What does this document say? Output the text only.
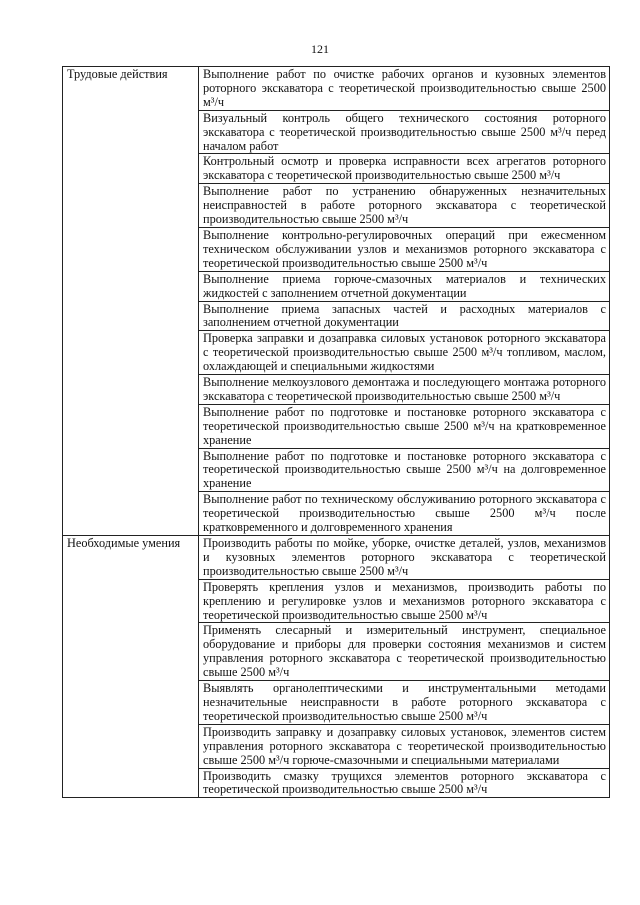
121
Трудовые действия	Выполнение работ по очистке рабочих органов и кузовных элементов роторного экскаватора с теоретической производительностью свыше 2500 м³/ч
	Визуальный контроль общего технического состояния роторного экскаватора с теоретической производительностью свыше 2500 м³/ч перед началом работ
	Контрольный осмотр и проверка исправности всех агрегатов роторного экскаватора с теоретической производительностью свыше 2500 м³/ч
	Выполнение работ по устранению обнаруженных незначительных неисправностей в работе роторного экскаватора с теоретической производительностью свыше 2500 м³/ч
	Выполнение контрольно-регулировочных операций при ежесменном техническом обслуживании узлов и механизмов роторного экскаватора с теоретической производительностью свыше 2500 м³/ч
	Выполнение приема горюче-смазочных материалов и технических жидкостей с заполнением отчетной документации
	Выполнение приема запасных частей и расходных материалов с заполнением отчетной документации
	Проверка заправки и дозаправка силовых установок роторного экскаватора с теоретической производительностью свыше 2500 м³/ч топливом, маслом, охлаждающей и специальными жидкостями
	Выполнение мелкоузлового демонтажа и последующего монтажа роторного экскаватора с теоретической производительностью свыше 2500 м³/ч
	Выполнение работ по подготовке и постановке роторного экскаватора с теоретической производительностью свыше 2500 м³/ч на кратковременное хранение
	Выполнение работ по подготовке и постановке роторного экскаватора с теоретической производительностью свыше 2500 м³/ч на долговременное хранение
	Выполнение работ по техническому обслуживанию роторного экскаватора с теоретической производительностью свыше 2500 м³/ч после кратковременного и долговременного хранения
Необходимые умения	Производить работы по мойке, уборке, очистке деталей, узлов, механизмов и кузовных элементов роторного экскаватора с теоретической производительностью свыше 2500 м³/ч
	Проверять крепления узлов и механизмов, производить работы по креплению и регулировке узлов и механизмов роторного экскаватора с теоретической производительностью свыше 2500 м³/ч
	Применять слесарный и измерительный инструмент, специальное оборудование и приборы для проверки состояния механизмов и систем управления роторного экскаватора с теоретической производительностью свыше 2500 м³/ч
	Выявлять органолептическими и инструментальными методами незначительные неисправности в работе роторного экскаватора с теоретической производительностью свыше 2500 м³/ч
	Производить заправку и дозаправку силовых установок, элементов систем управления роторного экскаватора с теоретической производительностью свыше 2500 м³/ч горюче-смазочными и специальными материалами
	Производить смазку трущихся элементов роторного экскаватора с теоретической производительностью свыше 2500 м³/ч
